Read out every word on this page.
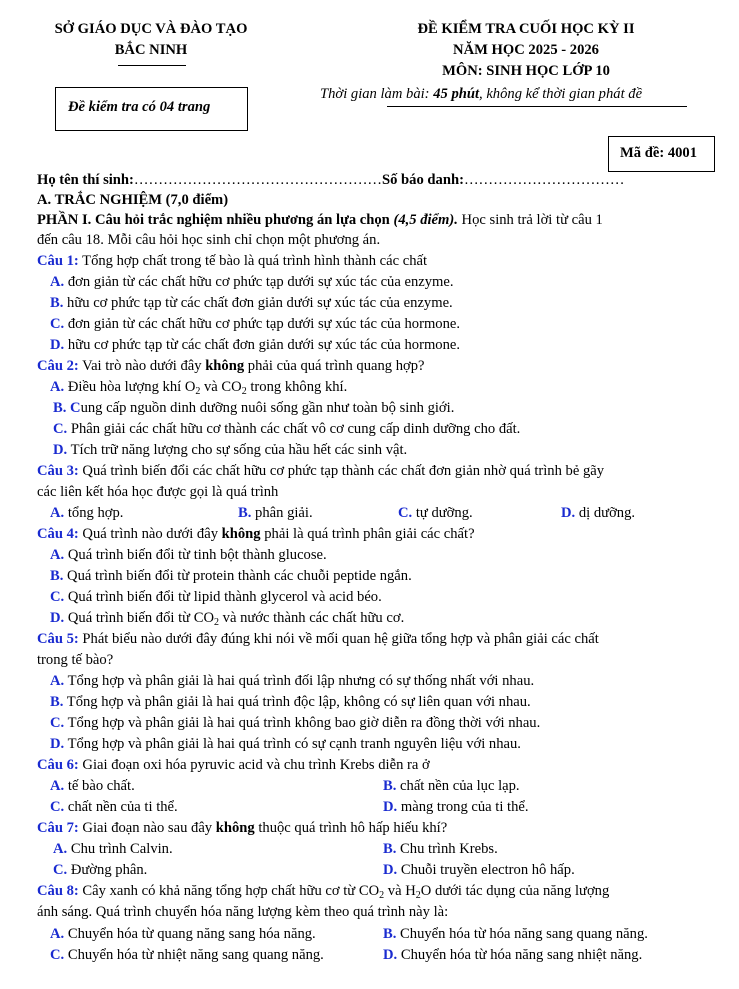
SỞ GIÁO DỤC VÀ ĐÀO TẠO
BẮC NINH
ĐỀ KIỂM TRA CUỐI HỌC KỲ II
NĂM HỌC 2025 - 2026
MÔN: SINH HỌC LỚP 10
Thời gian làm bài: 45 phút, không kể thời gian phát đề
Đề kiểm tra có 04 trang
Mã đề: 4001
Họ tên thí sinh:……………………………………………Số báo danh:……………………………
A. TRẮC NGHIỆM (7,0 điểm)
PHẦN I. Câu hỏi trắc nghiệm nhiều phương án lựa chọn (4,5 điểm). Học sinh trả lời từ câu 1
đến câu 18. Mỗi câu hỏi học sinh chỉ chọn một phương án.
Câu 1: Tổng hợp chất trong tế bào là quá trình hình thành các chất
A. đơn giản từ các chất hữu cơ phức tạp dưới sự xúc tác của enzyme.
B. hữu cơ phức tạp từ các chất đơn giản dưới sự xúc tác của enzyme.
C. đơn giản từ các chất hữu cơ phức tạp dưới sự xúc tác của hormone.
D. hữu cơ phức tạp từ các chất đơn giản dưới sự xúc tác của hormone.
Câu 2: Vai trò nào dưới đây không phải của quá trình quang hợp?
A. Điều hòa lượng khí $O_2$ và $CO_2$ trong không khí.
B. Cung cấp nguồn dinh dưỡng nuôi sống gần như toàn bộ sinh giới.
C. Phân giải các chất hữu cơ thành các chất vô cơ cung cấp dinh dưỡng cho đất.
D. Tích trữ năng lượng cho sự sống của hầu hết các sinh vật.
Câu 3: Quá trình biến đổi các chất hữu cơ phức tạp thành các chất đơn giản nhờ quá trình bẻ gãy
các liên kết hóa học được gọi là quá trình
A. tổng hợp.	B. phân giải.	C. tự dưỡng.	D. dị dưỡng.
Câu 4: Quá trình nào dưới đây không phải là quá trình phân giải các chất?
A. Quá trình biến đổi từ tinh bột thành glucose.
B. Quá trình biến đổi từ protein thành các chuỗi peptide ngắn.
C. Quá trình biến đổi từ lipid thành glycerol và acid béo.
D. Quá trình biến đổi từ $CO_2$ và nước thành các chất hữu cơ.
Câu 5: Phát biểu nào dưới đây đúng khi nói về mối quan hệ giữa tổng hợp và phân giải các chất
trong tế bào?
A. Tổng hợp và phân giải là hai quá trình đối lập nhưng có sự thống nhất với nhau.
B. Tổng hợp và phân giải là hai quá trình độc lập, không có sự liên quan với nhau.
C. Tổng hợp và phân giải là hai quá trình không bao giờ diễn ra đồng thời với nhau.
D. Tổng hợp và phân giải là hai quá trình có sự cạnh tranh nguyên liệu với nhau.
Câu 6: Giai đoạn oxi hóa pyruvic acid và chu trình Krebs diễn ra ở
A. tế bào chất.	B. chất nền của lục lạp.
C. chất nền của ti thể.	D. màng trong của ti thể.
Câu 7: Giai đoạn nào sau đây không thuộc quá trình hô hấp hiếu khí?
A. Chu trình Calvin.	B. Chu trình Krebs.
C. Đường phân.	D. Chuỗi truyền electron hô hấp.
Câu 8: Cây xanh có khả năng tổng hợp chất hữu cơ từ $CO_2$ và $H_2O$ dưới tác dụng của năng lượng
ánh sáng. Quá trình chuyển hóa năng lượng kèm theo quá trình này là:
A. Chuyển hóa từ quang năng sang hóa năng.	B. Chuyển hóa từ hóa năng sang quang năng.
C. Chuyển hóa từ nhiệt năng sang quang năng.	D. Chuyển hóa từ hóa năng sang nhiệt năng.
